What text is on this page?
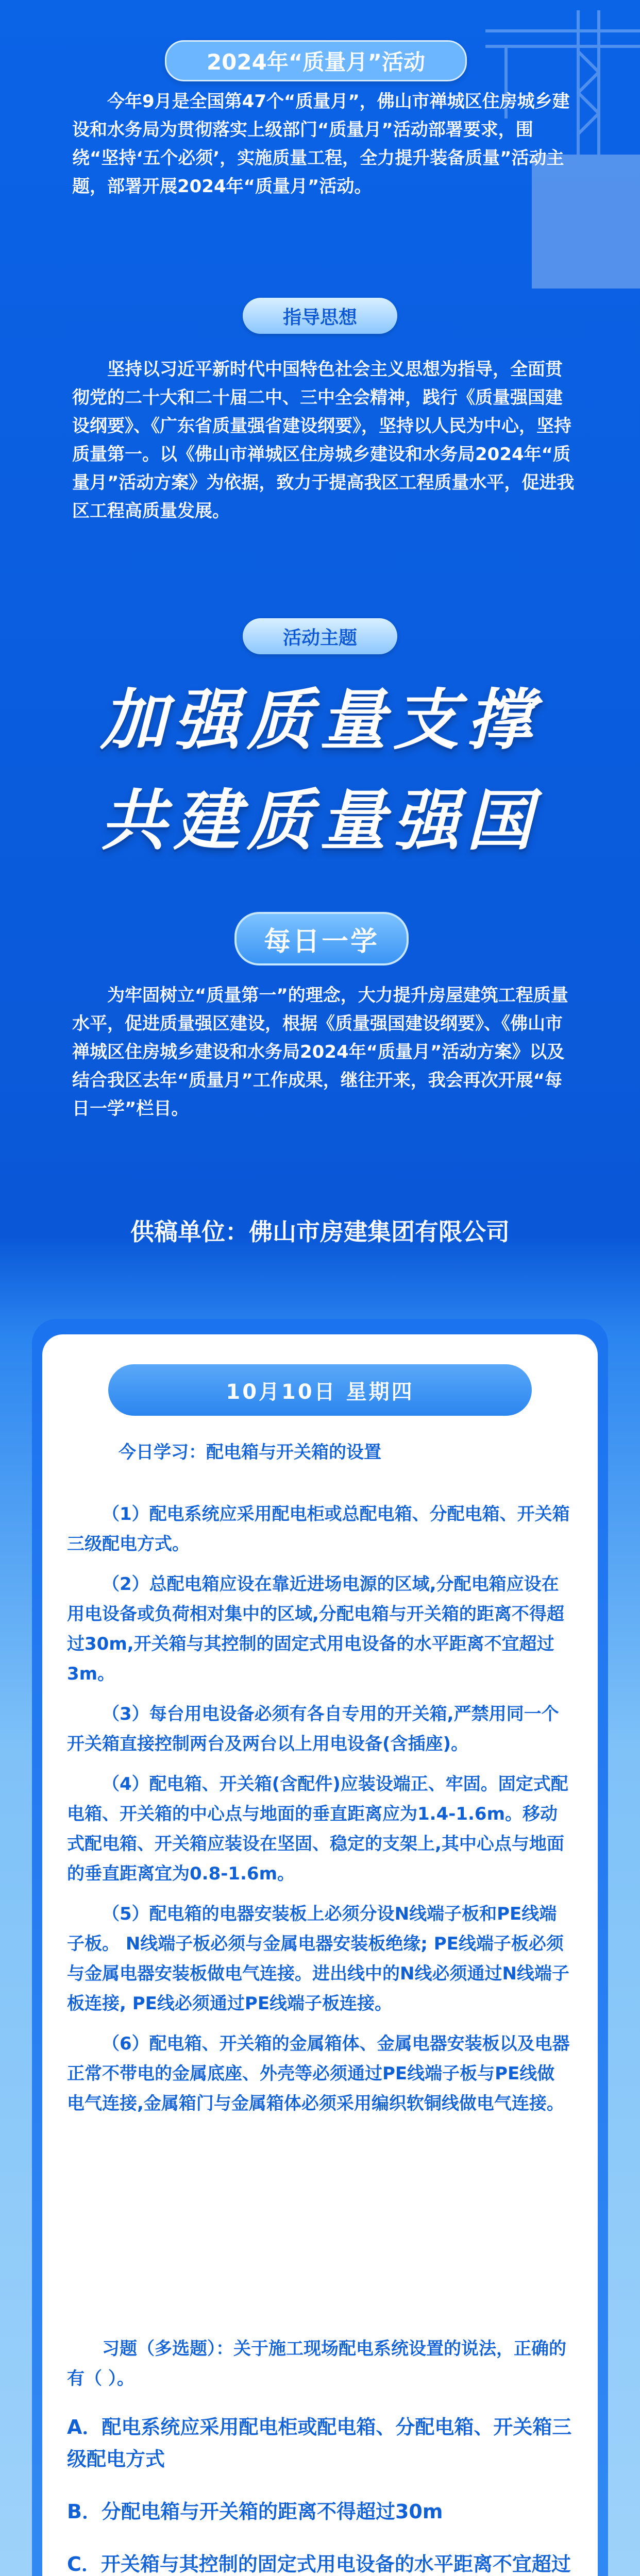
2024年“质量月”活动
今年9月是全国第47个“质量月”，佛山市禅城区住房城乡建设和水务局为贯彻落实上级部门“质量月”活动部署要求，围绕“坚持‘五个必须’，实施质量工程，全力提升装备质量”活动主题，部署开展2024年“质量月”活动。
指导思想
坚持以习近平新时代中国特色社会主义思想为指导，全面贯彻党的二十大和二十届二中、三中全会精神，践行《质量强国建设纲要》、《广东省质量强省建设纲要》，坚持以人民为中心，坚持质量第一。以《佛山市禅城区住房城乡建设和水务局2024年“质量月”活动方案》为依据，致力于提高我区工程质量水平，促进我区工程高质量发展。
活动主题
加强质量支撑
共建质量强国
每日一学
为牢固树立“质量第一”的理念，大力提升房屋建筑工程质量水平，促进质量强区建设，根据《质量强国建设纲要》、《佛山市禅城区住房城乡建设和水务局2024年“质量月”活动方案》以及结合我区去年“质量月”工作成果，继往开来，我会再次开展“每日一学”栏目。
供稿单位：佛山市房建集团有限公司
10月10日 星期四
今日学习：配电箱与开关箱的设置

（1）配电系统应采用配电柜或总配电箱、分配电箱、开关箱三级配电方式。

（2）总配电箱应设在靠近进场电源的区域,分配电箱应设在用电设备或负荷相对集中的区域,分配电箱与开关箱的距离不得超过30m,开关箱与其控制的固定式用电设备的水平距离不宜超过3m。

（3）每台用电设备必须有各自专用的开关箱,严禁用同一个开关箱直接控制两台及两台以上用电设备(含插座)。

（4）配电箱、开关箱(含配件)应装设端正、牢固。固定式配电箱、开关箱的中心点与地面的垂直距离应为1.4-1.6m。移动式配电箱、开关箱应装设在坚固、稳定的支架上,其中心点与地面的垂直距离宜为0.8-1.6m。

（5）配电箱的电器安装板上必须分设N线端子板和PE线端子板。 N线端子板必须与金属电器安装板绝缘; PE线端子板必须与金属电器安装板做电气连接。进出线中的N线必须通过N线端子板连接, PE线必须通过PE线端子板连接。

（6）配电箱、开关箱的金属箱体、金属电器安装板以及电器正常不带电的金属底座、外壳等必须通过PE线端子板与PE线做电气连接,金属箱门与金属箱体必须采用编织软铜线做电气连接。

习题（多选题）：关于施工现场配电系统设置的说法，正确的有（ ）。

A．配电系统应采用配电柜或配电箱、分配电箱、开关箱三级配电方式

B．分配电箱与开关箱的距离不得超过30m

C．开关箱与其控制的固定式用电设备的水平距离不宜超过
